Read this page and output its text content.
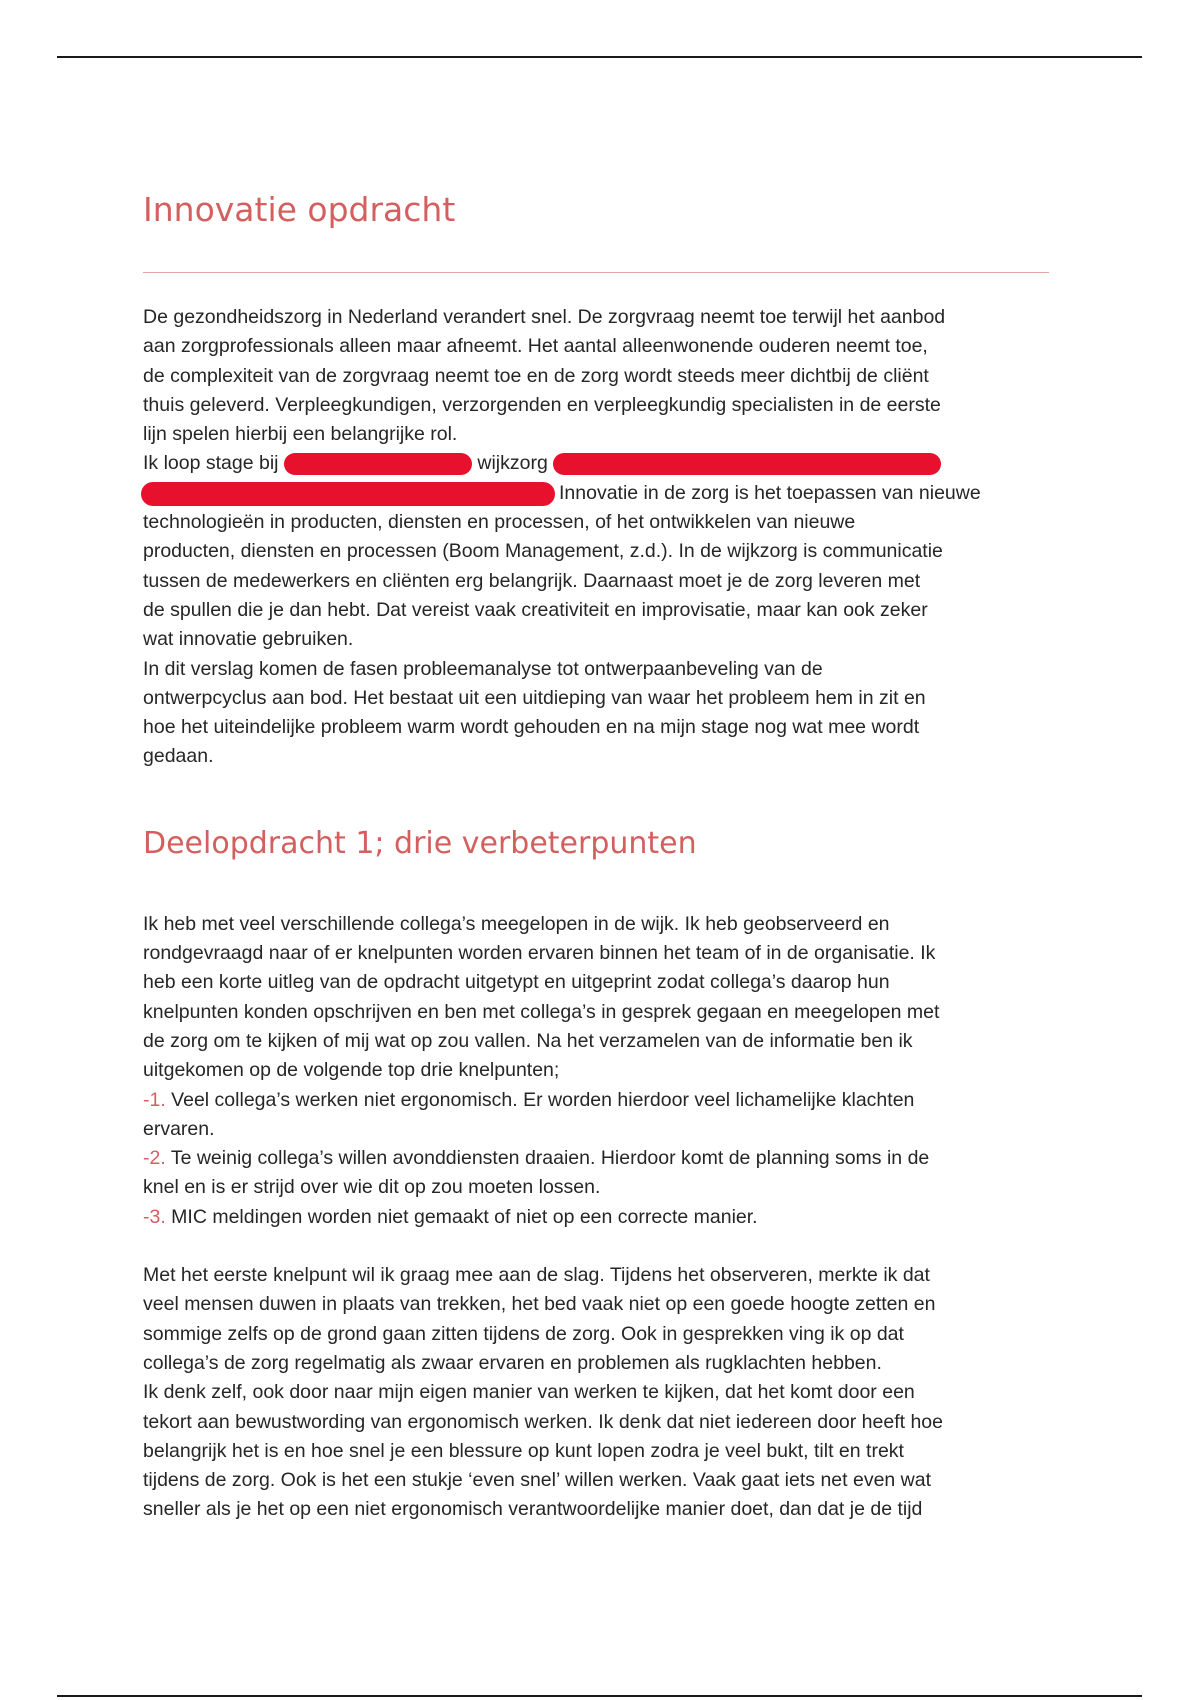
Innovatie opdracht

De gezondheidszorg in Nederland verandert snel. De zorgvraag neemt toe terwijl het aanbod

aan zorgprofessionals alleen maar afneemt. Het aantal alleenwonende ouderen neemt toe,

de complexiteit van de zorgvraag neemt toe en de zorg wordt steeds meer dichtbij de cliënt

thuis geleverd. Verpleegkundigen, verzorgenden en verpleegkundig specialisten in de eerste

lijn spelen hierbij een belangrijke rol.

Ik loop stage bij	wijkzorg

Innovatie in de zorg is het toepassen van nieuwe

technologieën in producten, diensten en processen, of het ontwikkelen van nieuwe

producten, diensten en processen (Boom Management, z.d.). In de wijkzorg is communicatie

tussen de medewerkers en cliënten erg belangrijk. Daarnaast moet je de zorg leveren met

de spullen die je dan hebt. Dat vereist vaak creativiteit en improvisatie, maar kan ook zeker

wat innovatie gebruiken.

In dit verslag komen de fasen probleemanalyse tot ontwerpaanbeveling van de

ontwerpcyclus aan bod. Het bestaat uit een uitdieping van waar het probleem hem in zit en

hoe het uiteindelijke probleem warm wordt gehouden en na mijn stage nog wat mee wordt

gedaan.

Deelopdracht 1; drie verbeterpunten

Ik heb met veel verschillende collega’s meegelopen in de wijk. Ik heb geobserveerd en

rondgevraagd naar of er knelpunten worden ervaren binnen het team of in de organisatie. Ik

heb een korte uitleg van de opdracht uitgetypt en uitgeprint zodat collega’s daarop hun

knelpunten konden opschrijven en ben met collega’s in gesprek gegaan en meegelopen met

de zorg om te kijken of mij wat op zou vallen. Na het verzamelen van de informatie ben ik

uitgekomen op de volgende top drie knelpunten;

-1. Veel collega’s werken niet ergonomisch. Er worden hierdoor veel lichamelijke klachten

ervaren.

-2. Te weinig collega’s willen avonddiensten draaien. Hierdoor komt de planning soms in de

knel en is er strijd over wie dit op zou moeten lossen.

-3. MIC meldingen worden niet gemaakt of niet op een correcte manier.

Met het eerste knelpunt wil ik graag mee aan de slag. Tijdens het observeren, merkte ik dat

veel mensen duwen in plaats van trekken, het bed vaak niet op een goede hoogte zetten en

sommige zelfs op de grond gaan zitten tijdens de zorg. Ook in gesprekken ving ik op dat

collega’s de zorg regelmatig als zwaar ervaren en problemen als rugklachten hebben.

Ik denk zelf, ook door naar mijn eigen manier van werken te kijken, dat het komt door een

tekort aan bewustwording van ergonomisch werken. Ik denk dat niet iedereen door heeft hoe

belangrijk het is en hoe snel je een blessure op kunt lopen zodra je veel bukt, tilt en trekt

tijdens de zorg. Ook is het een stukje ‘even snel’ willen werken. Vaak gaat iets net even wat

sneller als je het op een niet ergonomisch verantwoordelijke manier doet, dan dat je de tijd
